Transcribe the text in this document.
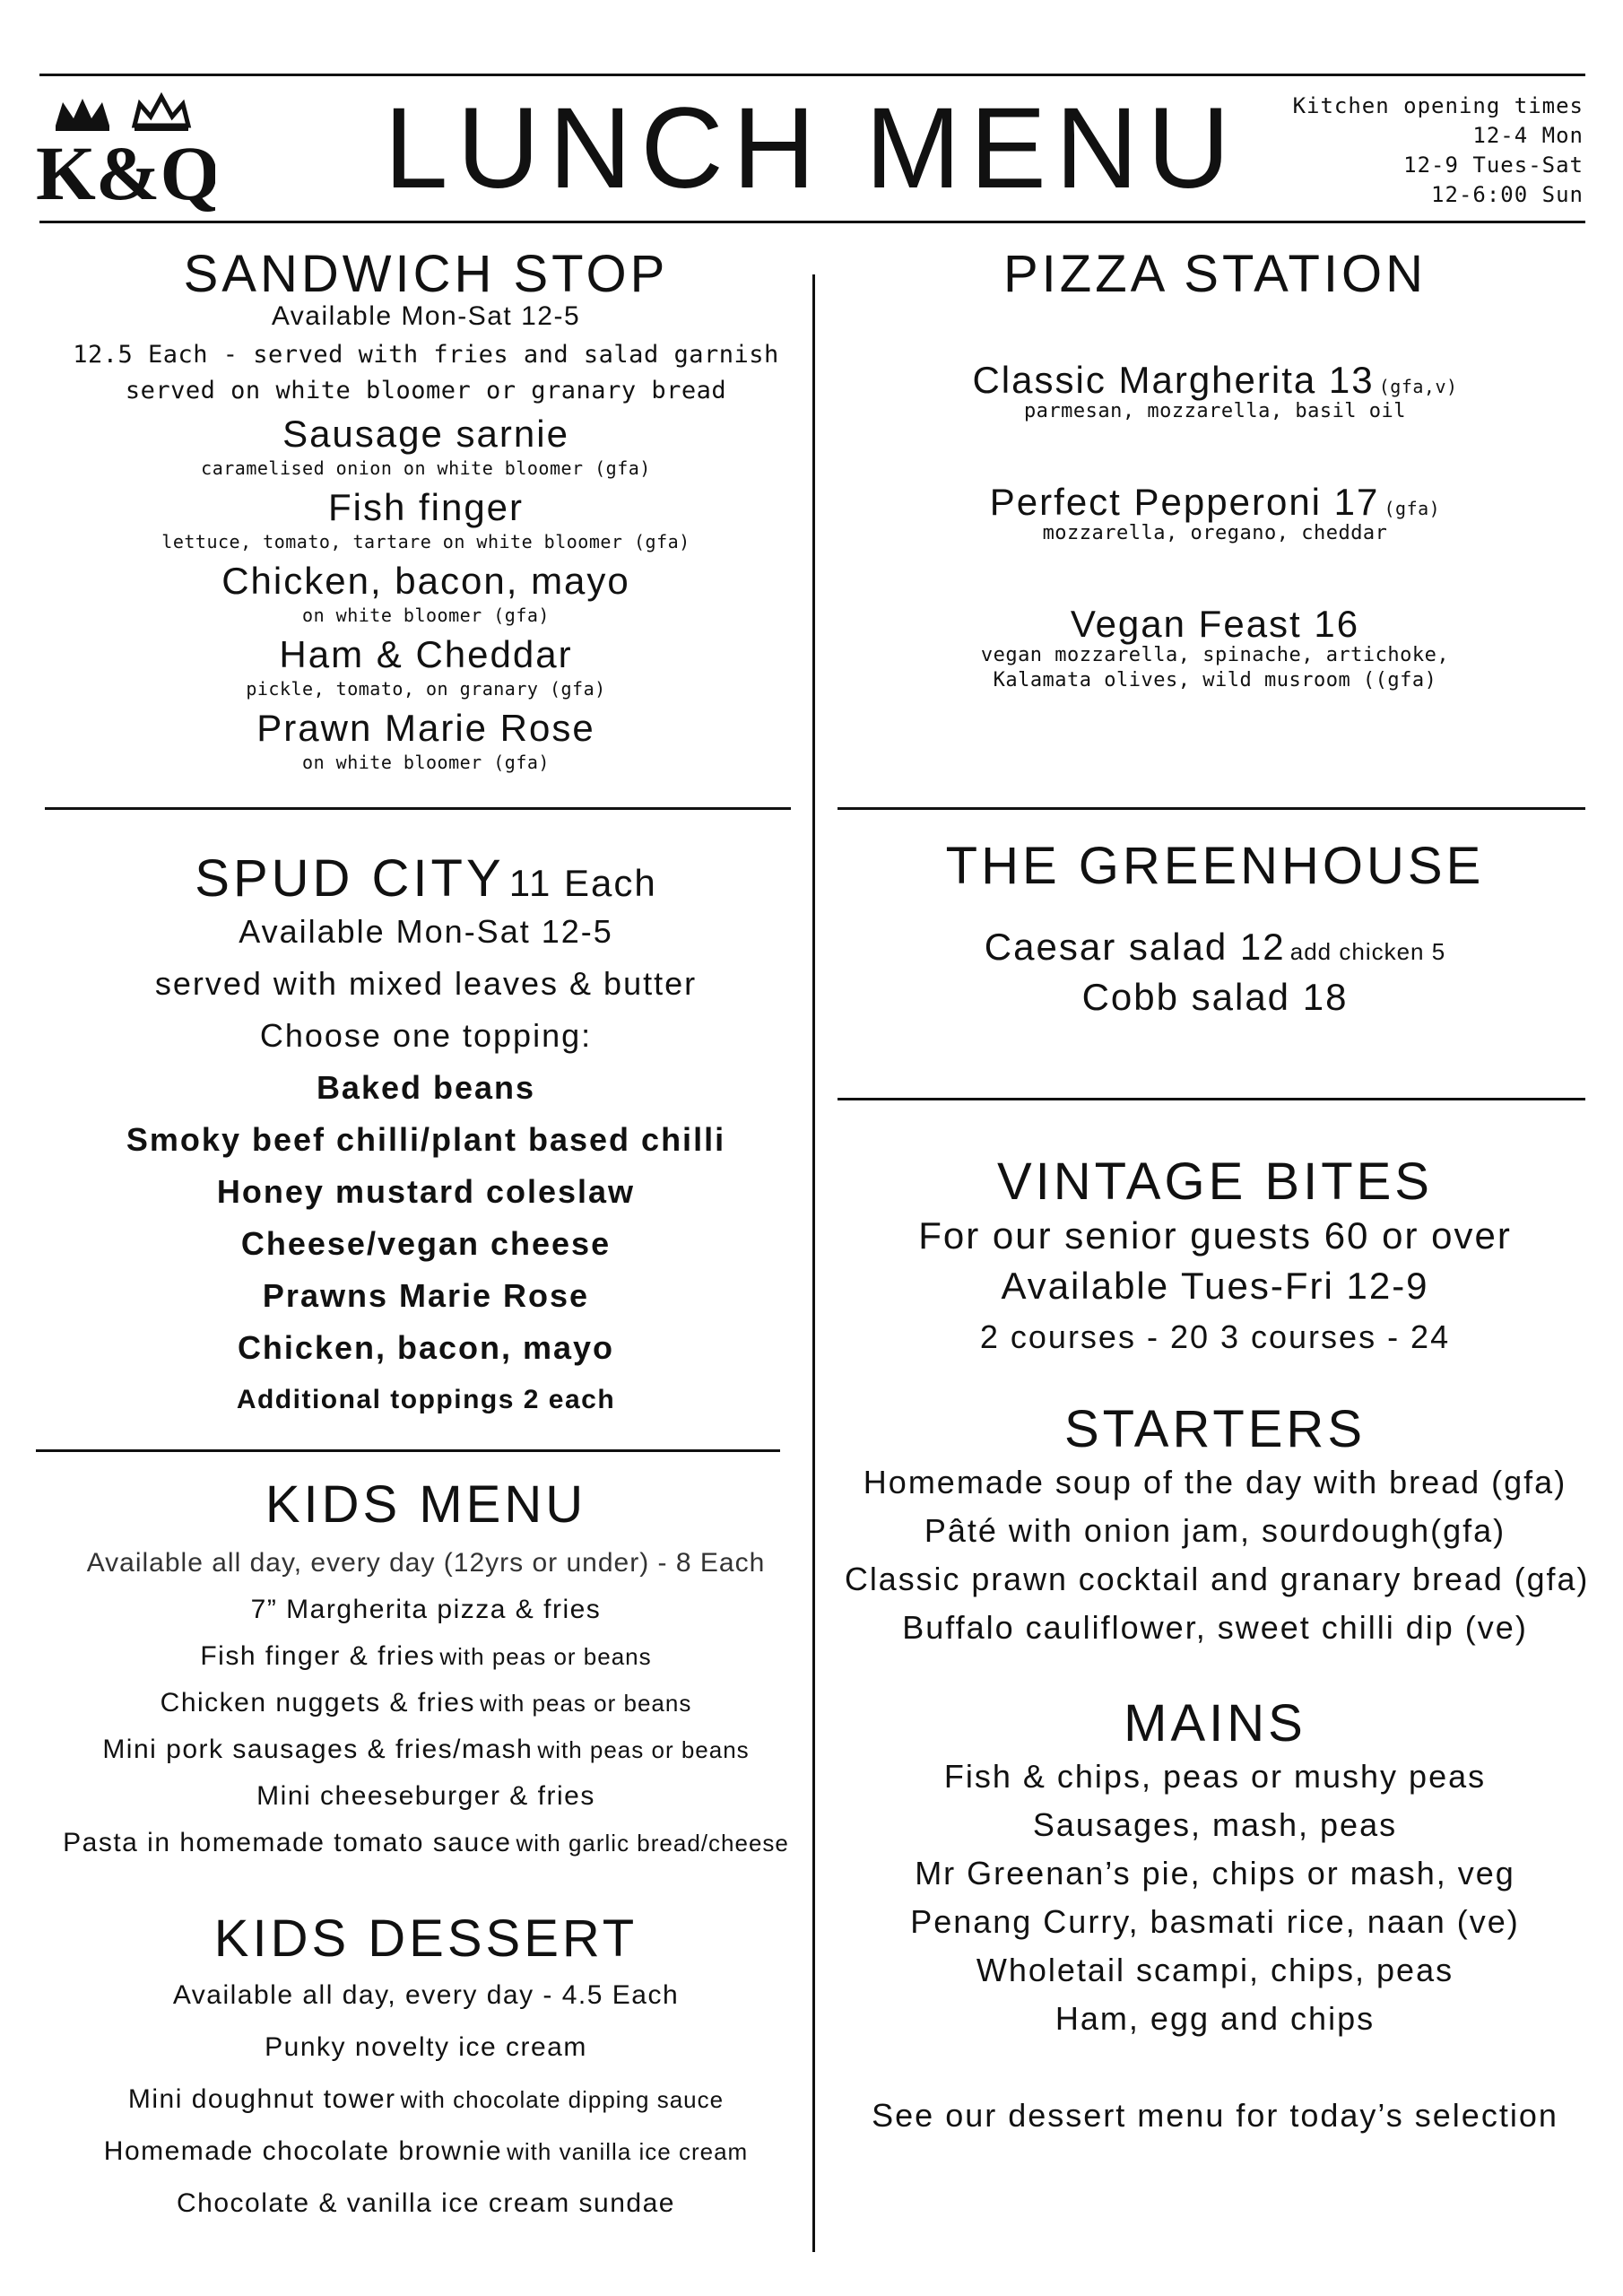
K&Q	LUNCH MENU	Kitchen opening times
12-4 Mon
12-9 Tues-Sat
12-6:00 Sun
SANDWICH STOP
Available Mon-Sat 12-5
12.5 Each - served with fries and salad garnish
served on white bloomer or granary bread
Sausage sarnie
caramelised onion on white bloomer (gfa)
Fish finger
lettuce, tomato, tartare on white bloomer (gfa)
Chicken, bacon, mayo
on white bloomer (gfa)
Ham & Cheddar
pickle, tomato, on granary (gfa)
Prawn Marie Rose
on white bloomer (gfa)
PIZZA STATION
Classic Margherita 13 (gfa,v)
parmesan, mozzarella, basil oil
Perfect Pepperoni 17 (gfa)
mozzarella, oregano, cheddar
Vegan Feast 16
vegan mozzarella, spinache, artichoke,
Kalamata olives, wild musroom ((gfa)
SPUD CITY 11 Each
Available Mon-Sat 12-5
served with mixed leaves & butter
Choose one topping:
Baked beans
Smoky beef chilli/plant based chilli
Honey mustard coleslaw
Cheese/vegan cheese
Prawns Marie Rose
Chicken, bacon, mayo
Additional toppings 2 each
THE GREENHOUSE
Caesar salad 12 add chicken 5
Cobb salad 18
KIDS MENU
Available all day, every day (12yrs or under) - 8 Each
7” Margherita pizza & fries
Fish finger & fries with peas or beans
Chicken nuggets & fries with peas or beans
Mini pork sausages & fries/mash with peas or beans
Mini cheeseburger & fries
Pasta in homemade tomato sauce with garlic bread/cheese
KIDS DESSERT
Available all day, every day - 4.5 Each
Punky novelty ice cream
Mini doughnut tower with chocolate dipping sauce
Homemade chocolate brownie with vanilla ice cream
Chocolate & vanilla ice cream sundae
VINTAGE BITES
For our senior guests 60 or over
Available Tues-Fri 12-9
2 courses - 20 3 courses - 24
STARTERS
Homemade soup of the day with bread (gfa)
Pâté with onion jam, sourdough(gfa)
Classic prawn cocktail and granary bread (gfa)
Buffalo cauliflower, sweet chilli dip (ve)
MAINS
Fish & chips, peas or mushy peas
Sausages, mash, peas
Mr Greenan’s pie, chips or mash, veg
Penang Curry, basmati rice, naan (ve)
Wholetail scampi, chips, peas
Ham, egg and chips
See our dessert menu for today’s selection
